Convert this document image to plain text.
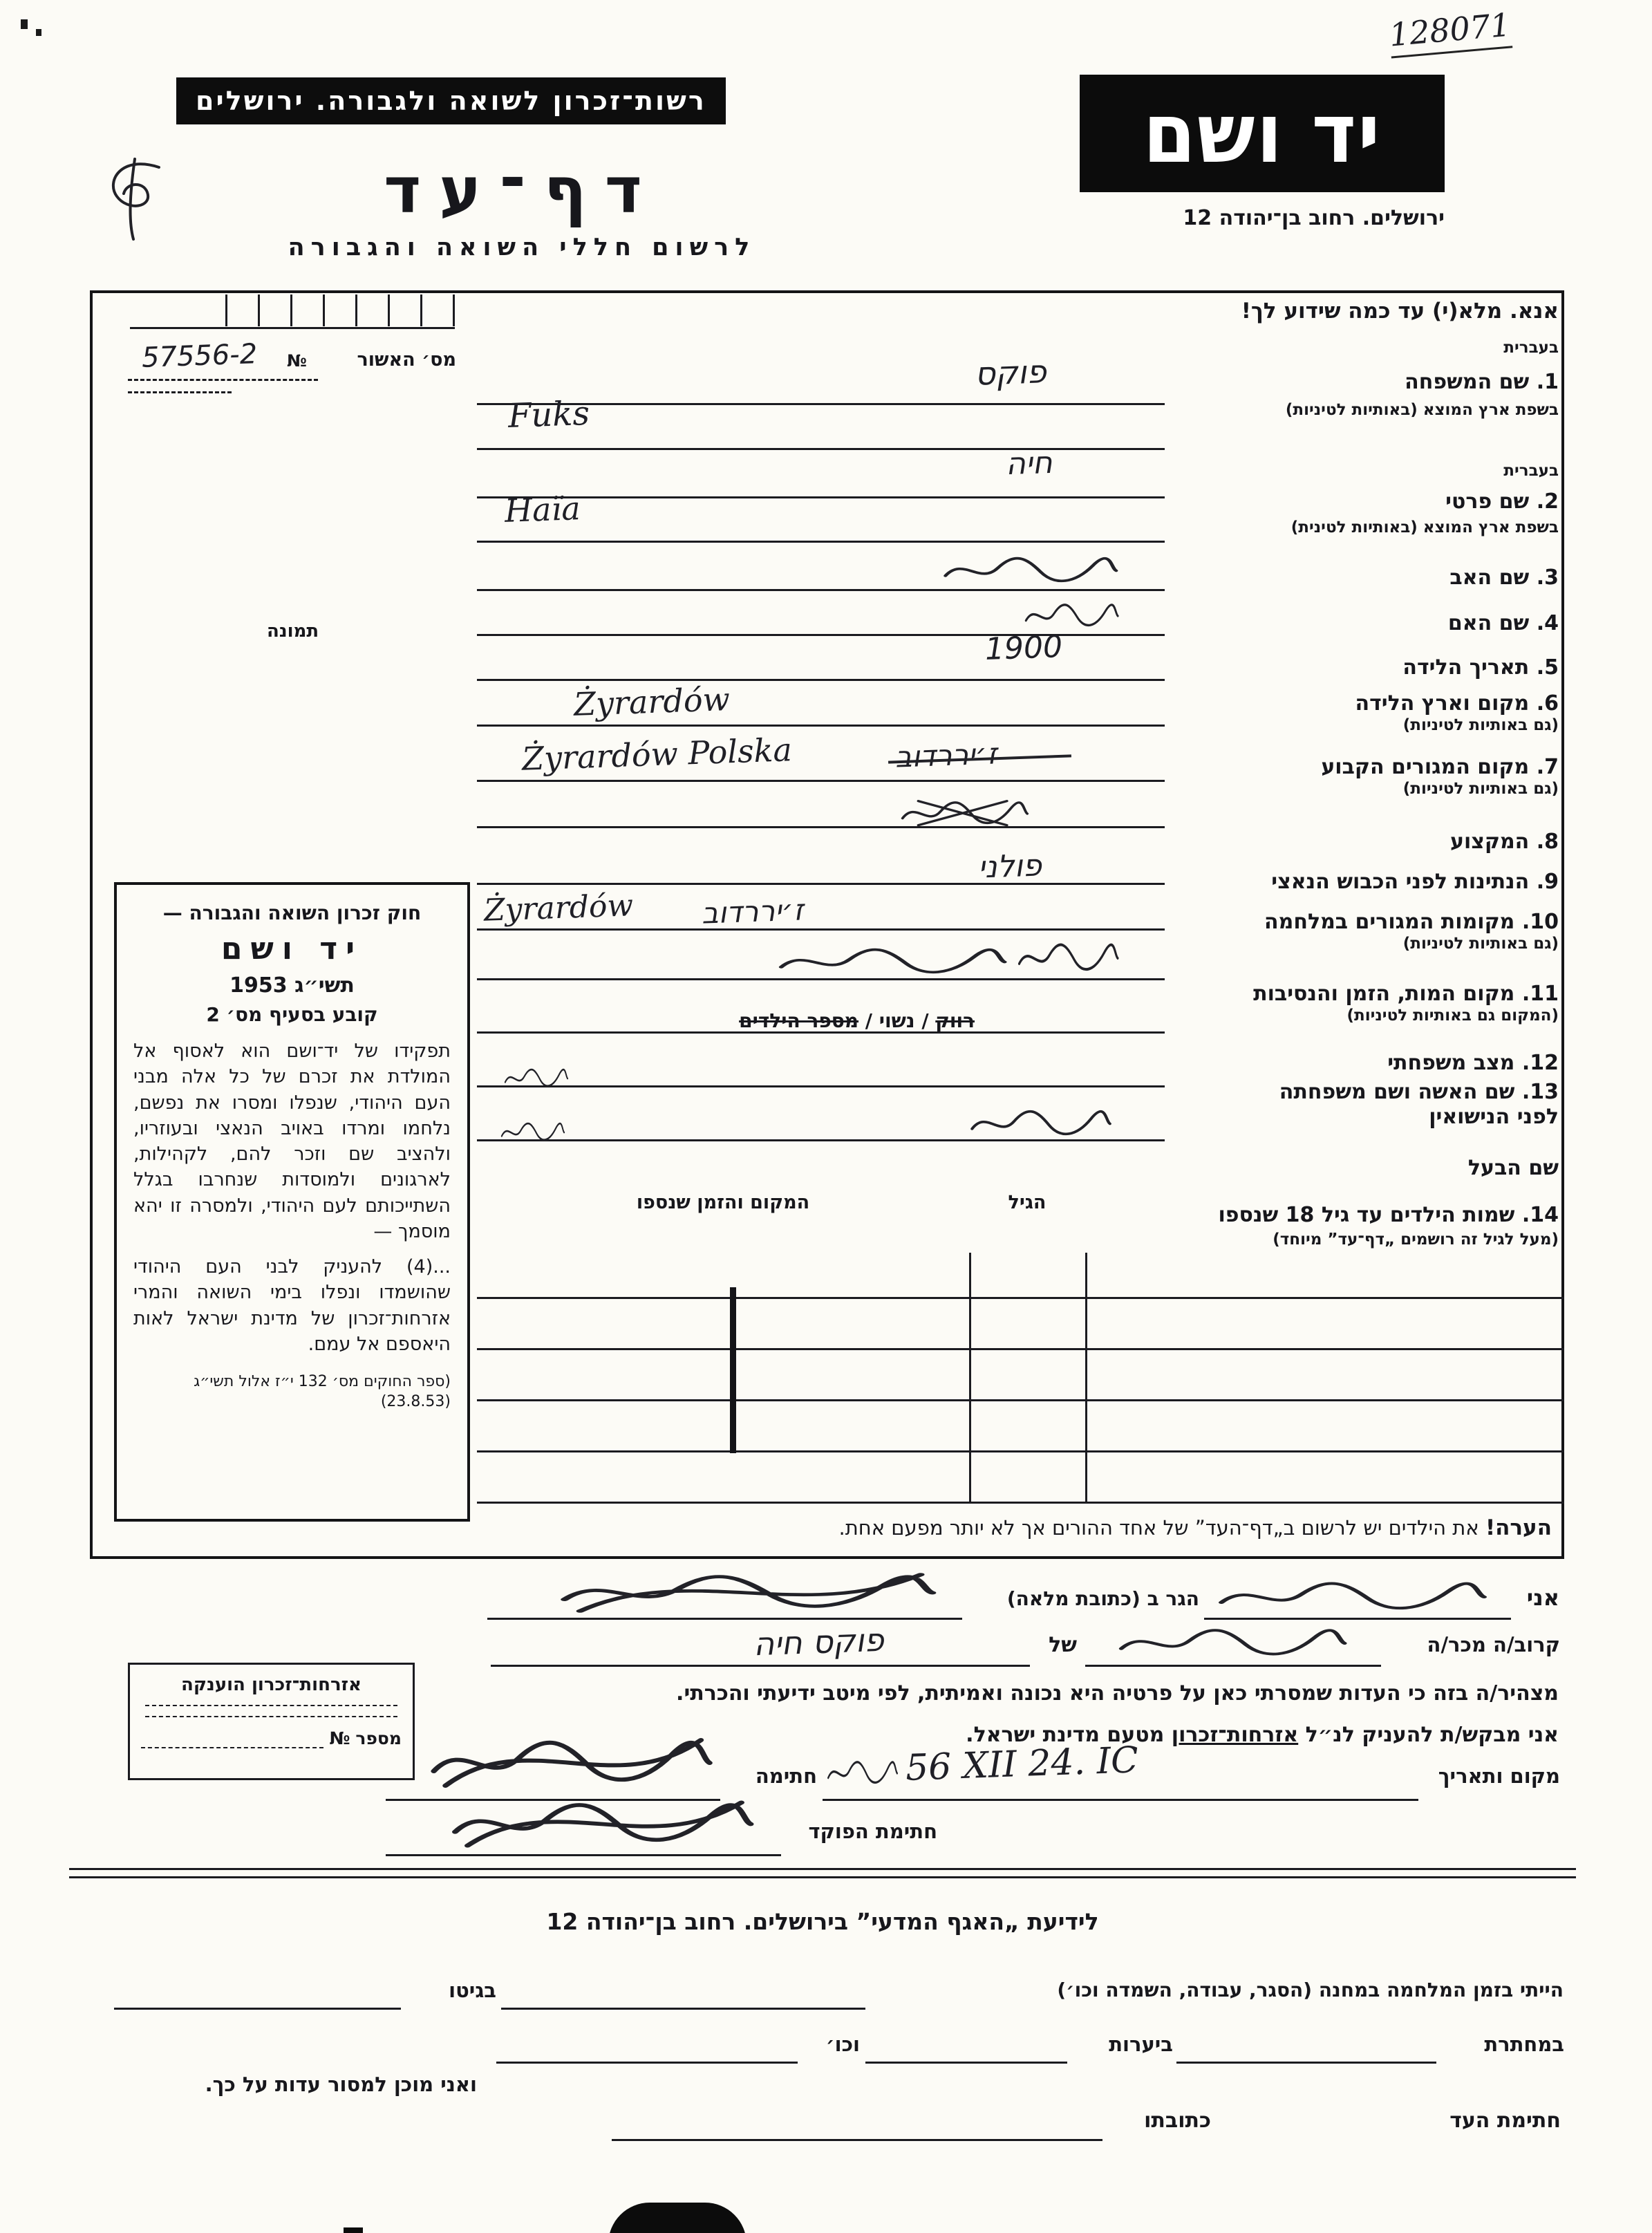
128071
רשות־זכרון לשואה ולגבורה. ירושלים
דף־עד
לרשום חללי השואה והגבורה
יד ושם
ירושלים. רחוב בן־יהודה 12
אנא. מלא(י) עד כמה שידוע לך!
מס׳ האשור
№
57556-2
תמונה
חוק זכרון השואה והגבורה —
יד ושם
תשי״ג 1953
קובע בסעיף מס׳ 2
תפקידו של יד־ושם הוא לאסוף אל המולדת את זכרם של כל אלה מבני העם היהודי, שנפלו ומסרו את נפשם, נלחמו ומרדו באויב הנאצי ובעוזריו, ולהציב שם וזכר להם, לקהילות, לארגונים ולמוסדות שנחרבו בגלל השתייכותם לעם היהודי, ולמסרה זו יהא מוסמך —
...(4) להעניק לבני העם היהודי שהושמדו ונפלו בימי השואה והמרי אזרחות־זכרון של מדינת ישראל לאות היאספם אל עמם.
(ספר החוקים מס׳ 132 י״ז אלול תשי״ג (23.8.53)
בעברית
1. שם המשפחה
בשפת ארץ המוצא (באותיות לטיניות)
בעברית
2. שם פרטי
בשפת ארץ המוצא (באותיות לטינית)
3. שם האב
4. שם האם
5. תאריך הלידה
6. מקום וארץ הלידה
(גם באותיות לטיניות)
7. מקום המגורים הקבוע
(גם באותיות לטיניות)
8. המקצוע
9. הנתינות לפני הכבוש הנאצי
10. מקומות המגורים במלחמה
(גם באותיות לטיניות)
11. מקום המות, הזמן והנסיבות
(המקום גם באותיות לטיניות)
12. מצב משפחתי
13. שם האשה ושם משפחתה
לפני הנישואין
שם הבעל
14. שמות הילדים עד גיל 18 שנספו
(מעל לגיל זה רושמים „דף־עד” מיוחד)
פוקס
Fuks
חיה
Haïa
1900
Żyrardów
Żyrardów Polska	ז׳יררדוב
פולני
Żyrardów ז׳יררדוב
רווק / נשוי / מספר הילדים
המקום והזמן שנספו	הגיל
הערה! את הילדים יש לרשום ב„דף־העד” של אחד ההורים אך לא יותר מפעם אחת.
אני
הגר ב (כתובת מלאה)
קרוב/ה מכר/ה
של
פוקס חיה
מצהיר/ה בזה כי העדות שמסרתי כאן על פרטיה היא נכונה ואמיתית, לפי מיטב ידיעתי והכרתי.
אני מבקש/ת להעניק לנ״ל אזרחות־זכרון מטעם מדינת ישראל.
מקום ותאריך
56 XII 24. IC
חתימה
חתימת הפוקד
אזרחות־זכרון הוענקה
מספר
№
לידיעת „האגף המדעי” בירושלים. רחוב בן־יהודה 12
הייתי בזמן המלחמה במחנה (הסגר, עבודה, השמדה וכו׳)
בגיטו
במחתרת
ביערות
וכו׳
ואני מוכן למסור עדות על כך.
חתימת העד
כתובתו
